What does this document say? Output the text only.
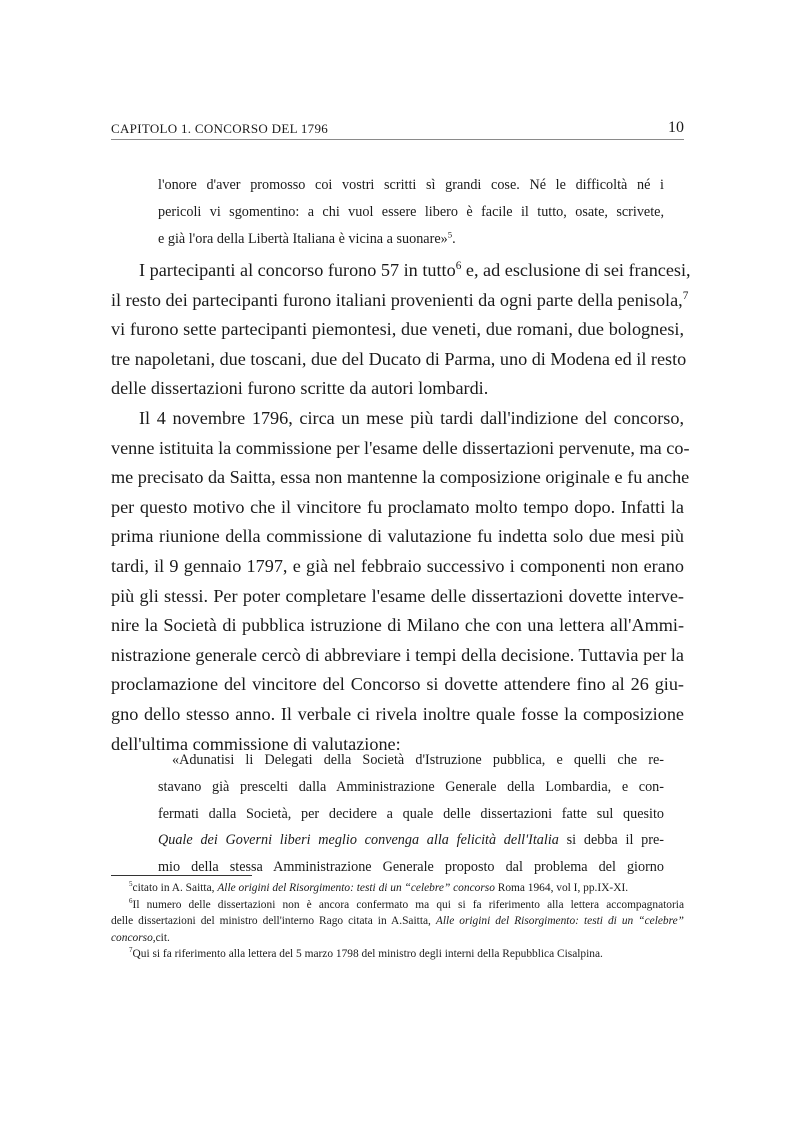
CAPITOLO 1. CONCORSO DEL 1796	10
l'onore d'aver promosso coi vostri scritti sì grandi cose. Né le difficoltà né i
pericoli vi sgomentino: a chi vuol essere libero è facile il tutto, osate, scrivete,
e già l'ora della Libertà Italiana è vicina a suonare»$^5$.

I partecipanti al concorso furono 57 in tutto$^6$ e, ad esclusione di sei francesi,
il resto dei partecipanti furono italiani provenienti da ogni parte della penisola,$^7$
vi furono sette partecipanti piemontesi, due veneti, due romani, due bolognesi,
tre napoletani, due toscani, due del Ducato di Parma, uno di Modena ed il resto
delle dissertazioni furono scritte da autori lombardi.

Il 4 novembre 1796, circa un mese più tardi dall'indizione del concorso,
venne istituita la commissione per l'esame delle dissertazioni pervenute, ma co-
me precisato da Saitta, essa non mantenne la composizione originale e fu anche
per questo motivo che il vincitore fu proclamato molto tempo dopo. Infatti la
prima riunione della commissione di valutazione fu indetta solo due mesi più
tardi, il 9 gennaio 1797, e già nel febbraio successivo i componenti non erano
più gli stessi. Per poter completare l'esame delle dissertazioni dovette interve-
nire la Società di pubblica istruzione di Milano che con una lettera all'Ammi-
nistrazione generale cercò di abbreviare i tempi della decisione. Tuttavia per la
proclamazione del vincitore del Concorso si dovette attendere fino al 26 giu-
gno dello stesso anno. Il verbale ci rivela inoltre quale fosse la composizione
dell'ultima commissione di valutazione:

«Adunatisi li Delegati della Società d'Istruzione pubblica, e quelli che re-
stavano già prescelti dalla Amministrazione Generale della Lombardia, e con-
fermati dalla Società, per decidere a quale delle dissertazioni fatte sul quesito
Quale dei Governi liberi meglio convenga alla felicità dell'Italia si debba il pre-
mio della stessa Amministrazione Generale proposto dal problema del giorno
$^5$citato in A. Saitta, Alle origini del Risorgimento: testi di un “celebre” concorso Roma 1964, vol I, pp.IX-XI.
$^6$Il numero delle dissertazioni non è ancora confermato ma qui si fa riferimento alla lettera accompagnatoria
delle dissertazioni del ministro dell'interno Rago citata in A.Saitta, Alle origini del Risorgimento: testi di un “celebre”
concorso,cit.
$^7$Qui si fa riferimento alla lettera del 5 marzo 1798 del ministro degli interni della Repubblica Cisalpina.
